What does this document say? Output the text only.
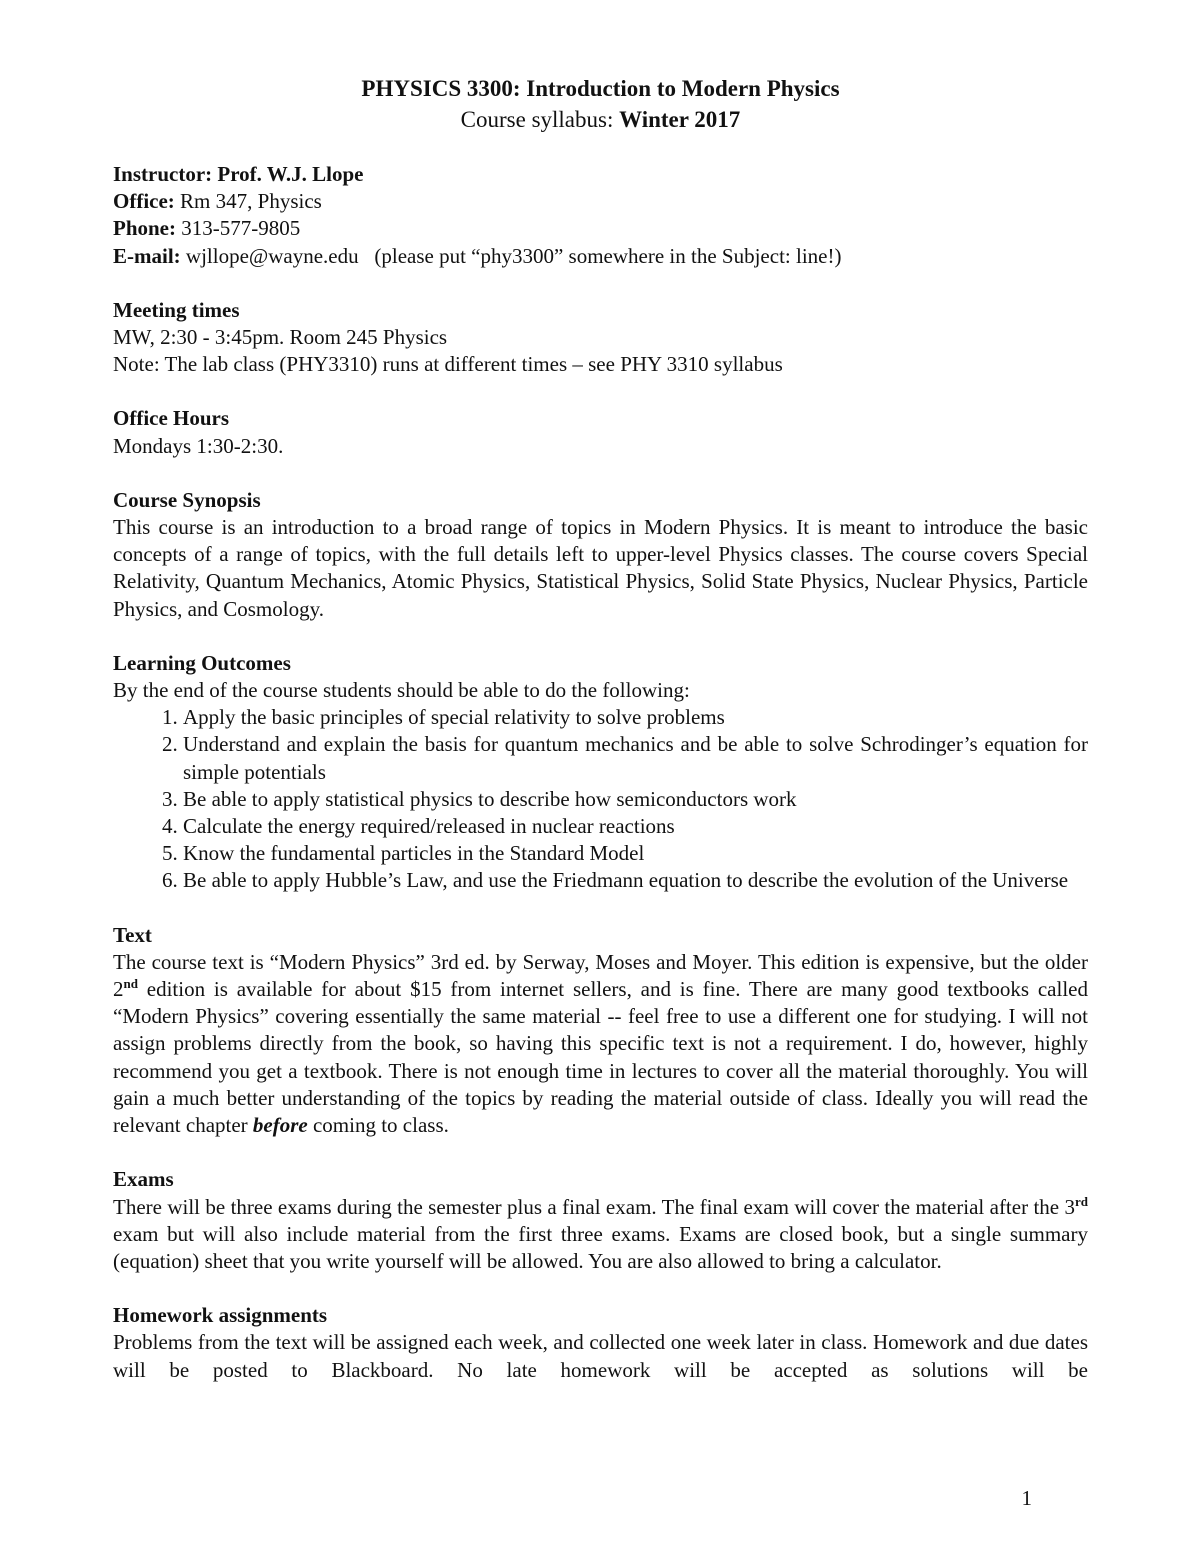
PHYSICS 3300: Introduction to Modern Physics
Course syllabus: Winter 2017
Instructor: Prof. W.J. Llope
Office: Rm 347, Physics
Phone: 313-577-9805
E-mail: wjllope@wayne.edu   (please put “phy3300” somewhere in the Subject: line!)
Meeting times
MW, 2:30 - 3:45pm. Room 245 Physics
Note: The lab class (PHY3310) runs at different times – see PHY 3310 syllabus
Office Hours
Mondays 1:30-2:30.
Course Synopsis

This course is an introduction to a broad range of topics in Modern Physics. It is meant to introduce the basic concepts of a range of topics, with the full details left to upper-level Physics classes. The course covers Special Relativity, Quantum Mechanics, Atomic Physics, Statistical Physics, Solid State Physics, Nuclear Physics, Particle Physics, and Cosmology.

Learning Outcomes
By the end of the course students should be able to do the following:
1. Apply the basic principles of special relativity to solve problems
2. Understand and explain the basis for quantum mechanics and be able to solve Schrodinger’s equation for simple potentials
3. Be able to apply statistical physics to describe how semiconductors work
4. Calculate the energy required/released in nuclear reactions
5. Know the fundamental particles in the Standard Model
6. Be able to apply Hubble’s Law, and use the Friedmann equation to describe the evolution of the Universe
Text

The course text is “Modern Physics” 3rd ed. by Serway, Moses and Moyer. This edition is expensive, but the older 2nd edition is available for about $15 from internet sellers, and is fine. There are many good textbooks called “Modern Physics” covering essentially the same material -- feel free to use a different one for studying. I will not assign problems directly from the book, so having this specific text is not a requirement. I do, however, highly recommend you get a textbook. There is not enough time in lectures to cover all the material thoroughly. You will gain a much better understanding of the topics by reading the material outside of class. Ideally you will read the relevant chapter before coming to class.

Exams

There will be three exams during the semester plus a final exam. The final exam will cover the material after the 3rd exam but will also include material from the first three exams. Exams are closed book, but a single summary (equation) sheet that you write yourself will be allowed. You are also allowed to bring a calculator.

Homework assignments

Problems from the text will be assigned each week, and collected one week later in class. Homework and due dates will be posted to Blackboard. No late homework will be accepted as solutions will be

1
